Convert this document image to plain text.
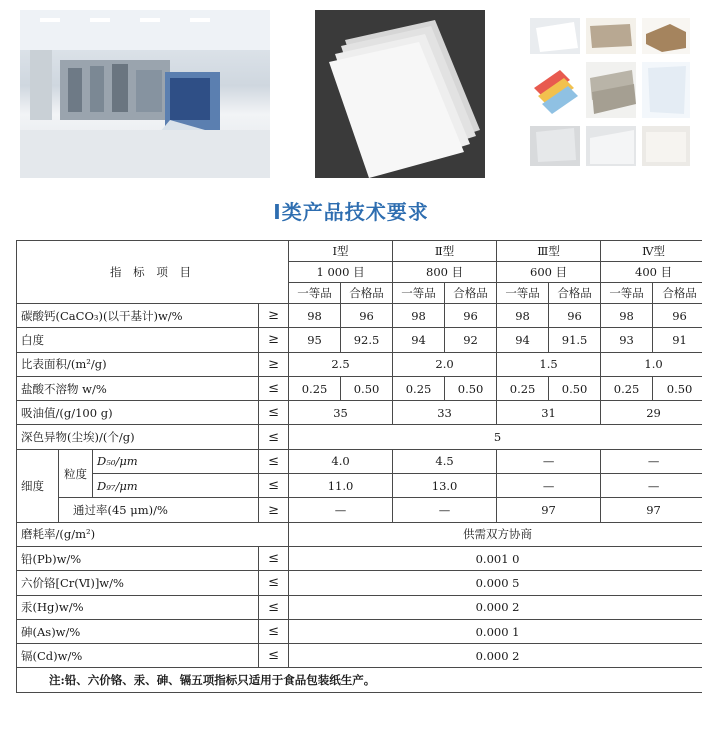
Ⅰ类产品技术要求
指 标 项 目				Ⅰ型		Ⅱ型		Ⅲ型		Ⅳ型	
				1 000 目		800 目		600 目		400 目	
				一等品	合格品	一等品	合格品	一等品	合格品	一等品	合格品
碳酸钙(CaCO₃)(以干基计)w/%			≥	98	96	98	96	98	96	98	96
白度			≥	95	92.5	94	92	94	91.5	93	91
比表面积/(m²/g)			≥	2.5		2.0		1.5		1.0	
盐酸不溶物 w/%			≤	0.25	0.50	0.25	0.50	0.25	0.50	0.25	0.50
吸油值/(g/100 g)			≤	35		33		31		29	
深色异物(尘埃)/(个/g)			≤	5							
细度	粒度	D₅₀/μm	≤	4.0		4.5		—		—	
		D₉₇/μm	≤	11.0		13.0		—		—	
	通过率(45 μm)/%		≥	—		—		97		97	
磨耗率/(g/m²)				供需双方协商							
铅(Pb)w/%			≤	0.001 0							
六价铬[Cr(Ⅵ)]w/%			≤	0.000 5							
汞(Hg)w/%			≤	0.000 2							
砷(As)w/%			≤	0.000 1							
镉(Cd)w/%			≤	0.000 2							
注:铅、六价铬、汞、砷、镉五项指标只适用于食品包装纸生产。											
